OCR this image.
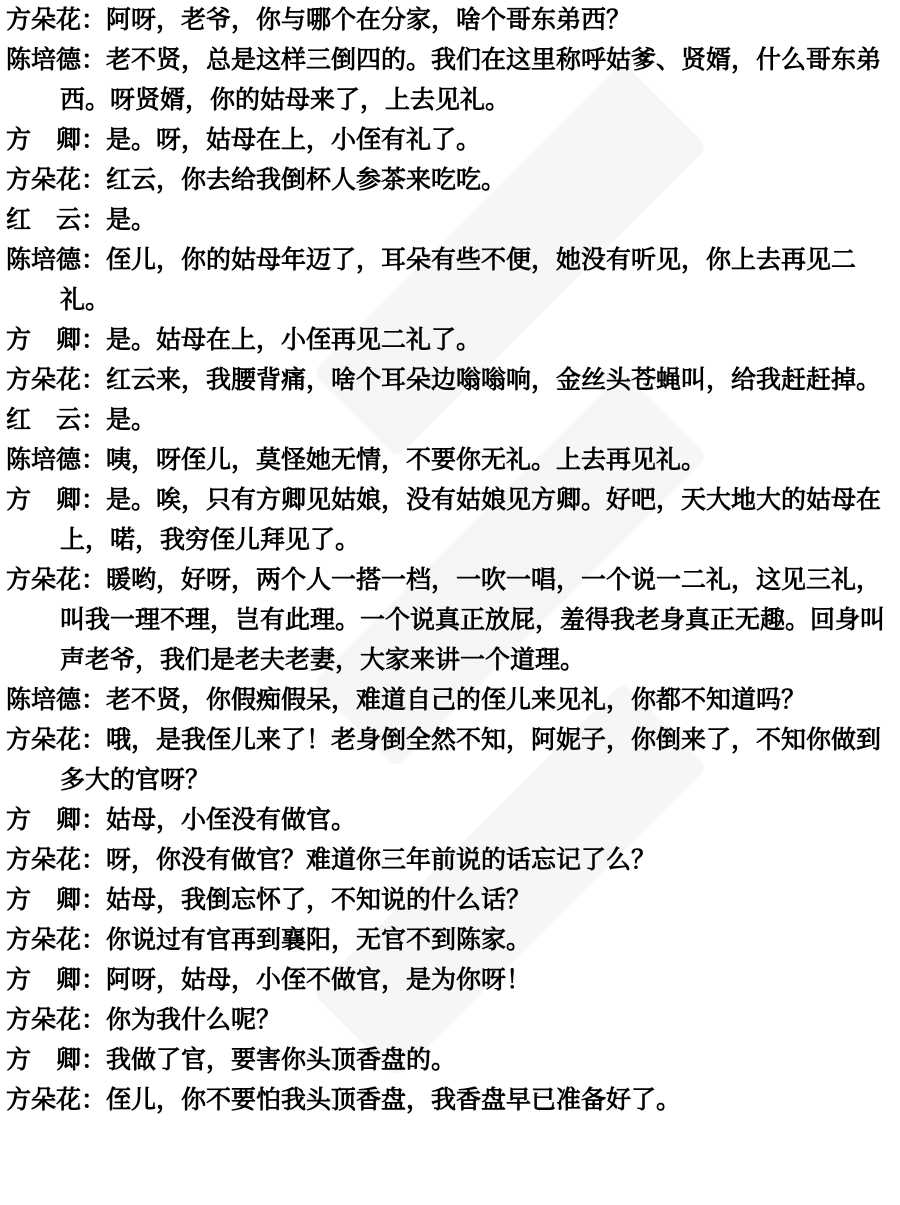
方朵花：阿呀，老爷，你与哪个在分家，啥个哥东弟西？

陈培德：老不贤，总是这样三倒四的。我们在这里称呼姑爹、贤婿，什么哥东弟西。呀贤婿，你的姑母来了，上去见礼。

方　卿：是。呀，姑母在上，小侄有礼了。

方朵花：红云，你去给我倒杯人参茶来吃吃。

红　云：是。

陈培德：侄儿，你的姑母年迈了，耳朵有些不便，她没有听见，你上去再见二礼。

方　卿：是。姑母在上，小侄再见二礼了。

方朵花：红云来，我腰背痛，啥个耳朵边嗡嗡响，金丝头苍蝇叫，给我赶赶掉。

红　云：是。

陈培德：咦，呀侄儿，莫怪她无情，不要你无礼。上去再见礼。

方　卿：是。唉，只有方卿见姑娘，没有姑娘见方卿。好吧，天大地大的姑母在上，喏，我穷侄儿拜见了。

方朵花：暖哟，好呀，两个人一搭一档，一吹一唱，一个说一二礼，这见三礼，叫我一理不理，岂有此理。一个说真正放屁，羞得我老身真正无趣。回身叫声老爷，我们是老夫老妻，大家来讲一个道理。

陈培德：老不贤，你假痴假呆，难道自己的侄儿来见礼，你都不知道吗？

方朵花：哦，是我侄儿来了！老身倒全然不知，阿妮子，你倒来了，不知你做到多大的官呀？

方　卿：姑母，小侄没有做官。

方朵花：呀，你没有做官？难道你三年前说的话忘记了么？

方　卿：姑母，我倒忘怀了，不知说的什么话？

方朵花：你说过有官再到襄阳，无官不到陈家。

方　卿：阿呀，姑母，小侄不做官，是为你呀！

方朵花：你为我什么呢？

方　卿：我做了官，要害你头顶香盘的。

方朵花：侄儿，你不要怕我头顶香盘，我香盘早已准备好了。
